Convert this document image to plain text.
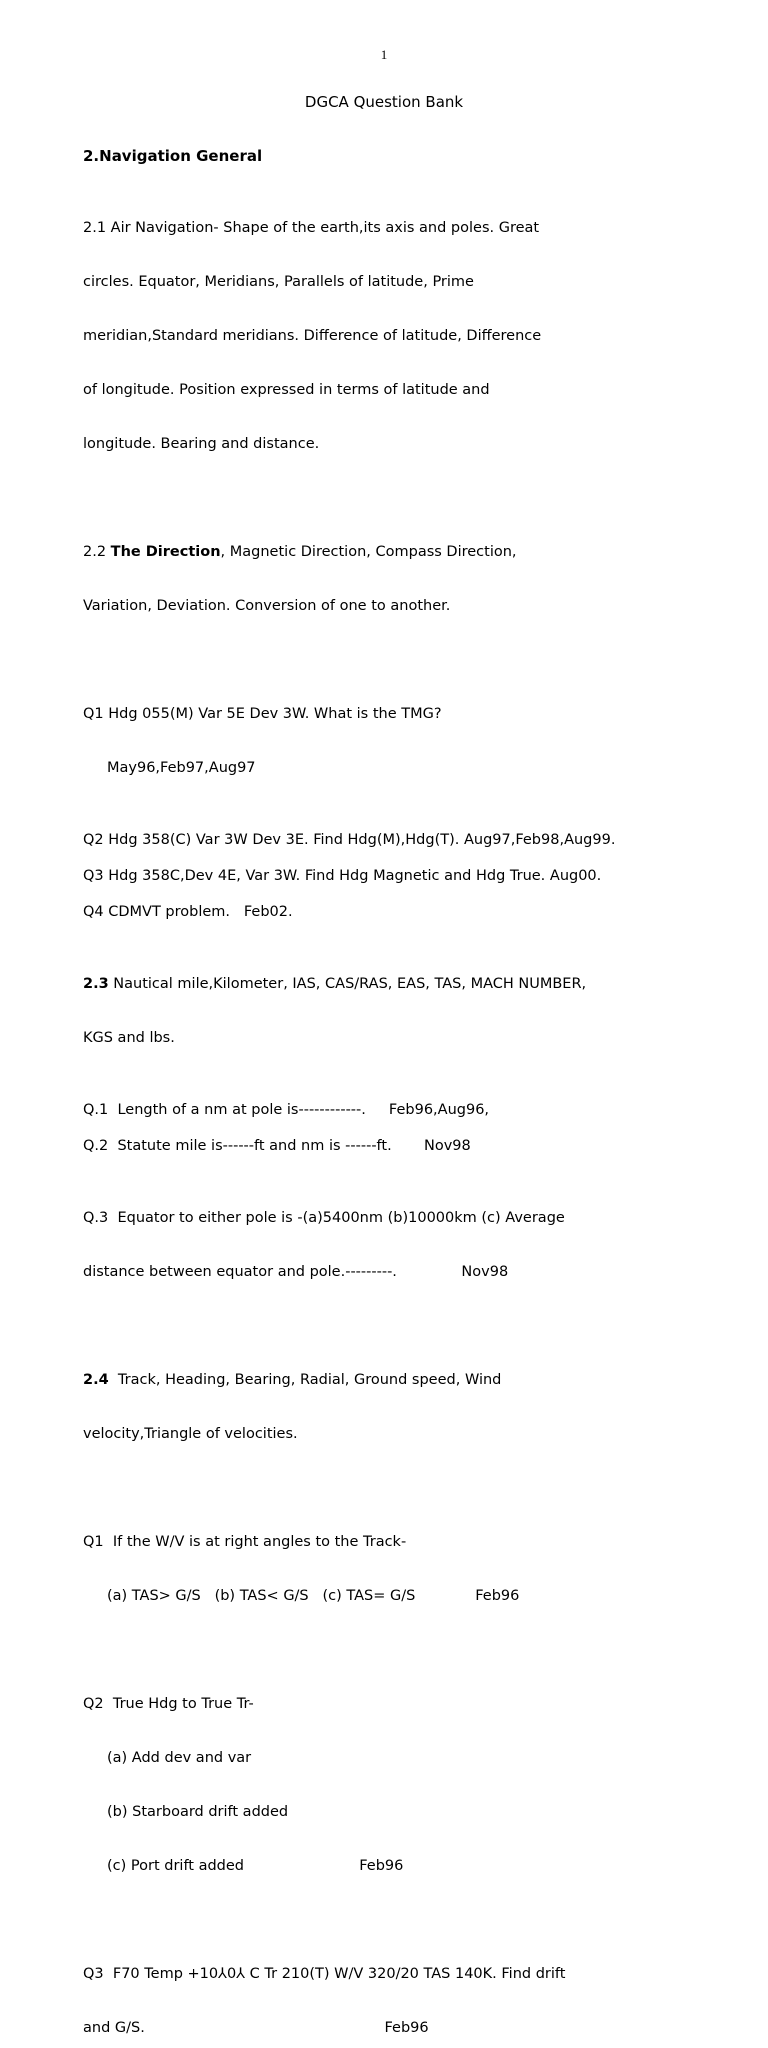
1
DGCA Question Bank
2.Navigation General

2.1 Air Navigation- Shape of the earth,its axis and poles. Great

circles. Equator, Meridians, Parallels of latitude, Prime

meridian,Standard meridians. Difference of latitude, Difference

of longitude. Position expressed in terms of latitude and

longitude. Bearing and distance.

2.2 The Direction, Magnetic Direction, Compass Direction,

Variation, Deviation. Conversion of one to another.

Q1 Hdg 055(M) Var 5E Dev 3W. What is the TMG?

May96,Feb97,Aug97

Q2 Hdg 358(C) Var 3W Dev 3E. Find Hdg(M),Hdg(T). Aug97,Feb98,Aug99.

Q3 Hdg 358C,Dev 4E, Var 3W. Find Hdg Magnetic and Hdg True. Aug00.

Q4 CDMVT problem.   Feb02.

2.3 Nautical mile,Kilometer, IAS, CAS/RAS, EAS, TAS, MACH NUMBER,

KGS and lbs.

Q.1  Length of a nm at pole is------------.     Feb96,Aug96,

Q.2  Statute mile is------ft and nm is ------ft.       Nov98

Q.3  Equator to either pole is -(a)5400nm (b)10000km (c) Average

distance between equator and pole.---------.              Nov98

2.4  Track, Heading, Bearing, Radial, Ground speed, Wind

velocity,Triangle of velocities.

Q1  If the W/V is at right angles to the Track-

(a) TAS> G/S   (b) TAS< G/S   (c) TAS= G/S             Feb96

Q2  True Hdg to True Tr-

(a) Add dev and var

(b) Starboard drift added

(c) Port drift added                         Feb96

Q3  F70 Temp +10⅄0⅄ C Tr 210(T) W/V 320/20 TAS 140K. Find drift

and G/S.                                                    Feb96
